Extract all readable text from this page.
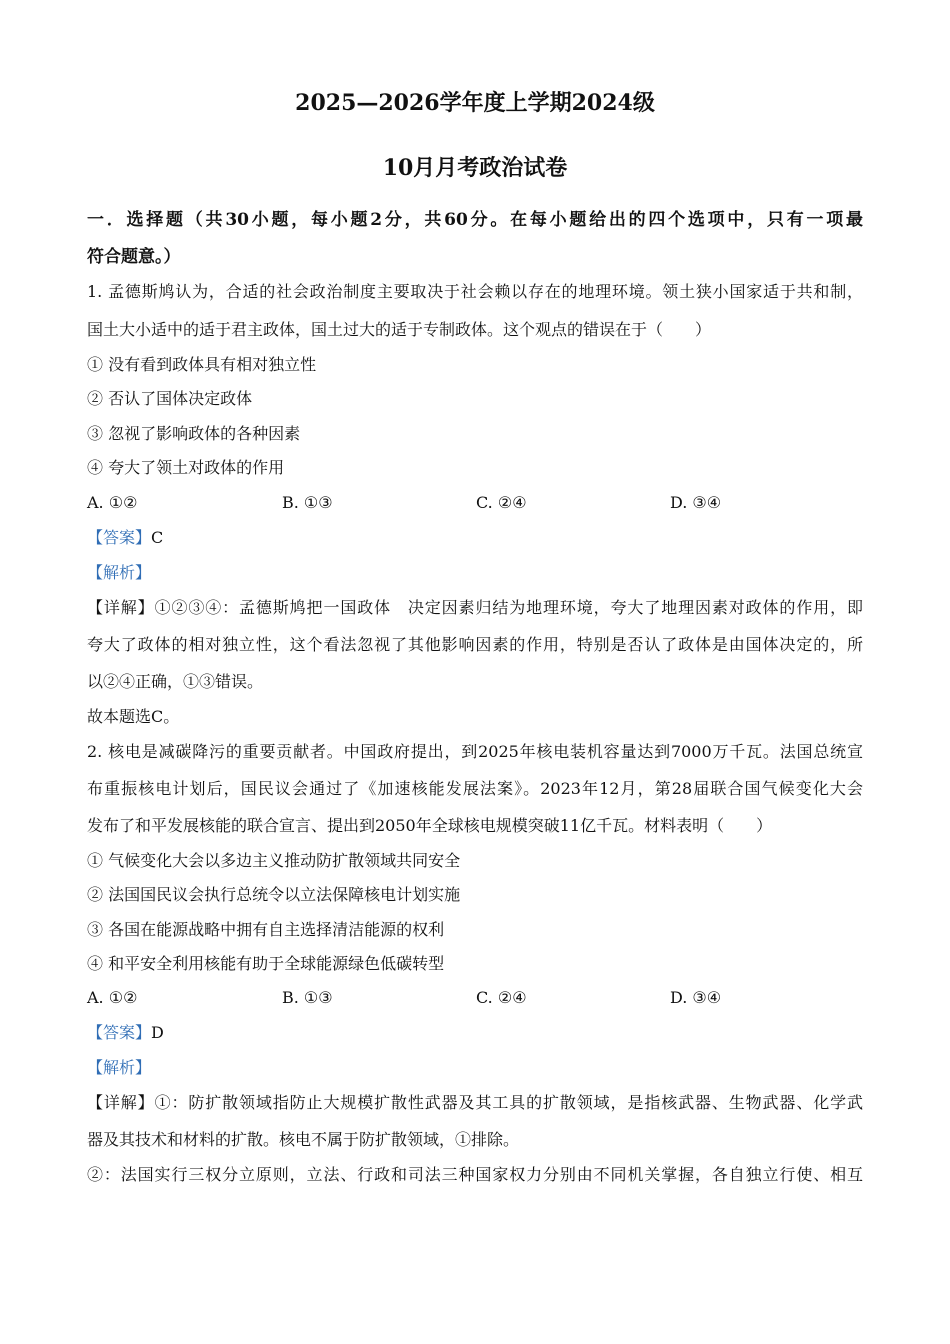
2025—2026学年度上学期2024级
10月月考政治试卷
一．选择题（共30小题，每小题2分，共60分。在每小题给出的四个选项中，只有一项最
符合题意。）
1. 孟德斯鸠认为，合适的社会政治制度主要取决于社会赖以存在的地理环境。领土狭小国家适于共和制，
国土大小适中的适于君主政体，国土过大的适于专制政体。这个观点的错误在于（　　）
① 没有看到政体具有相对独立性
② 否认了国体决定政体
③ 忽视了影响政体的各种因素
④ 夸大了领土对政体的作用
A. ①②	B. ①③	C. ②④	D. ③④
【答案】C
【解析】
【详解】①②③④：孟德斯鸠把一国政体　决定因素归结为地理环境，夸大了地理因素对政体的作用，即
夸大了政体的相对独立性，这个看法忽视了其他影响因素的作用，特别是否认了政体是由国体决定的，所
以②④正确，①③错误。
故本题选C。
2. 核电是减碳降污的重要贡献者。中国政府提出，到2025年核电装机容量达到7000万千瓦。法国总统宣
布重振核电计划后，国民议会通过了《加速核能发展法案》。2023年12月，第28届联合国气候变化大会
发布了和平发展核能的联合宣言、提出到2050年全球核电规模突破11亿千瓦。材料表明（　　）
① 气候变化大会以多边主义推动防扩散领域共同安全
② 法国国民议会执行总统令以立法保障核电计划实施
③ 各国在能源战略中拥有自主选择清洁能源的权利
④ 和平安全利用核能有助于全球能源绿色低碳转型
A. ①②	B. ①③	C. ②④	D. ③④
【答案】D
【解析】
【详解】①：防扩散领域指防止大规模扩散性武器及其工具的扩散领域，是指核武器、生物武器、化学武
器及其技术和材料的扩散。核电不属于防扩散领域，①排除。
②：法国实行三权分立原则，立法、行政和司法三种国家权力分别由不同机关掌握，各自独立行使、相互
